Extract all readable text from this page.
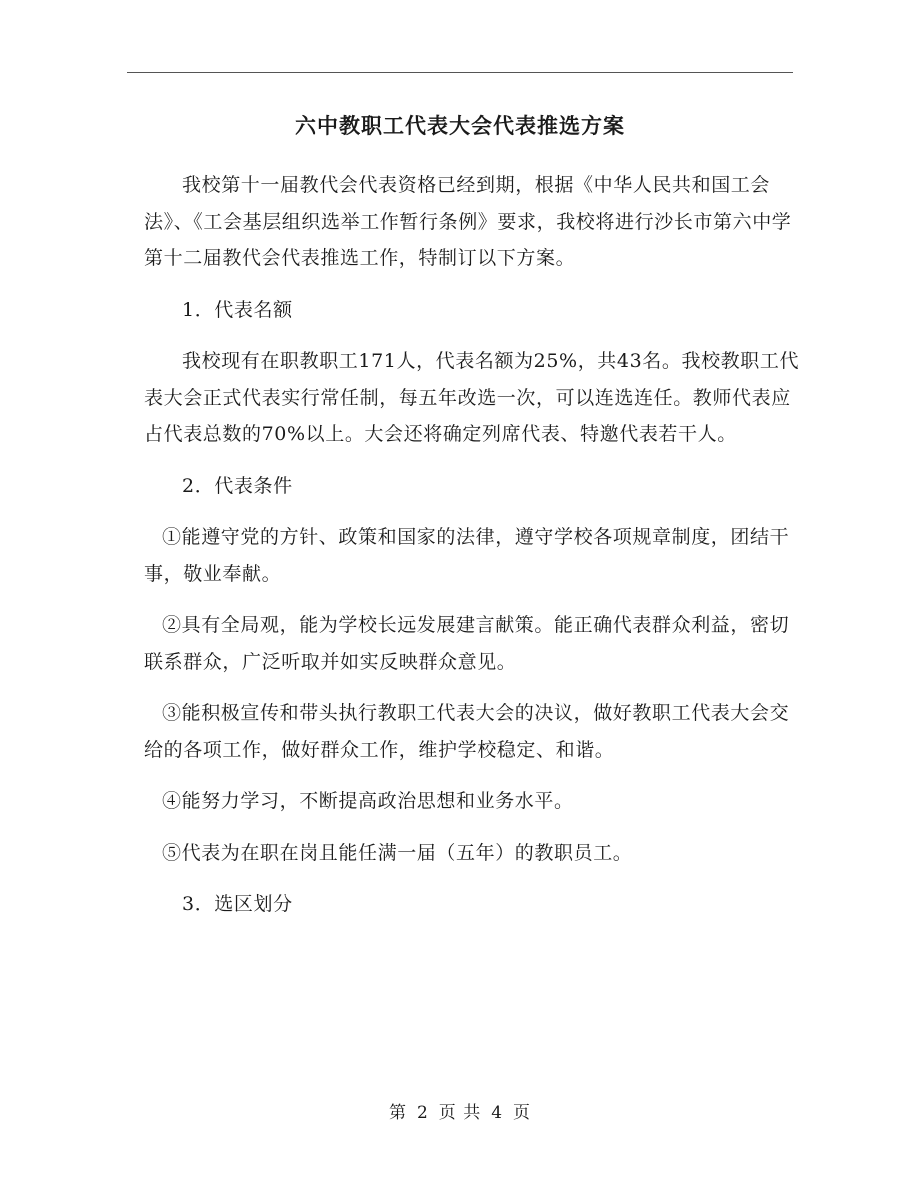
六中教职工代表大会代表推选方案

我校第十一届教代会代表资格已经到期，根据《中华人民共和国工会法》、《工会基层组织选举工作暂行条例》要求，我校将进行沙长市第六中学第十二届教代会代表推选工作，特制订以下方案。

1．代表名额

我校现有在职教职工171人，代表名额为25%，共43名。我校教职工代表大会正式代表实行常任制，每五年改选一次，可以连选连任。教师代表应占代表总数的70%以上。大会还将确定列席代表、特邀代表若干人。

2．代表条件

①能遵守党的方针、政策和国家的法律，遵守学校各项规章制度，团结干事，敬业奉献。

②具有全局观，能为学校长远发展建言献策。能正确代表群众利益，密切联系群众，广泛听取并如实反映群众意见。

③能积极宣传和带头执行教职工代表大会的决议，做好教职工代表大会交给的各项工作，做好群众工作，维护学校稳定、和谐。

④能努力学习，不断提高政治思想和业务水平。

⑤代表为在职在岗且能任满一届（五年）的教职员工。

3．选区划分

第 2 页 共 4 页
